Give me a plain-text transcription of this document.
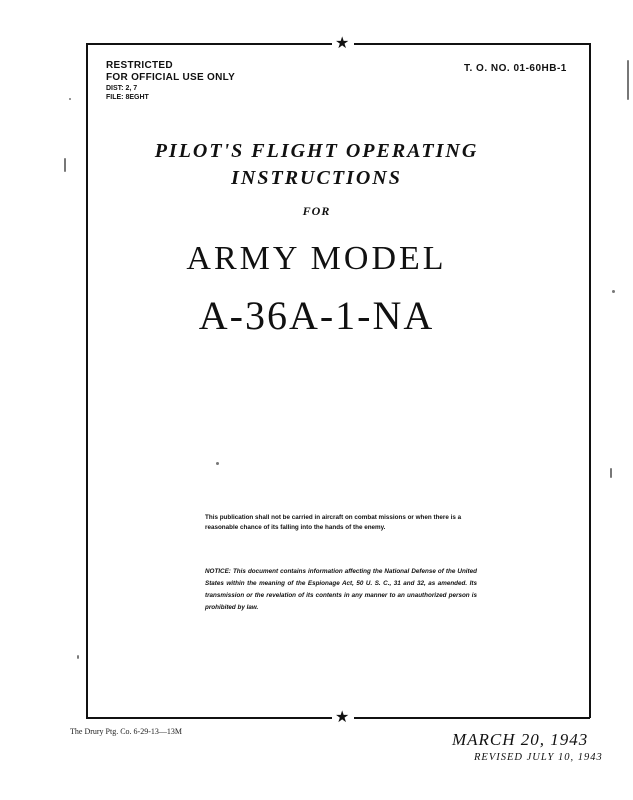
★
★
RESTRICTED
FOR OFFICIAL USE ONLY
DIST: 2, 7
FILE: 8EGHT
T. O. NO. 01-60HB-1
PILOT'S FLIGHT OPERATING
INSTRUCTIONS
FOR
ARMY MODEL
A-36A-1-NA
This publication shall not be carried in aircraft on combat missions or when there is a reasonable chance of its falling into the hands of the enemy.
NOTICE: This document contains information affecting the National Defense of the United States within the meaning of the Espionage Act, 50 U. S. C., 31 and 32, as amended. Its transmission or the revelation of its contents in any manner to an unauthorized person is prohibited by law.
The Drury Ptg. Co. 6-29-13—13M	MARCH 20, 1943
REVISED JULY 10, 1943
